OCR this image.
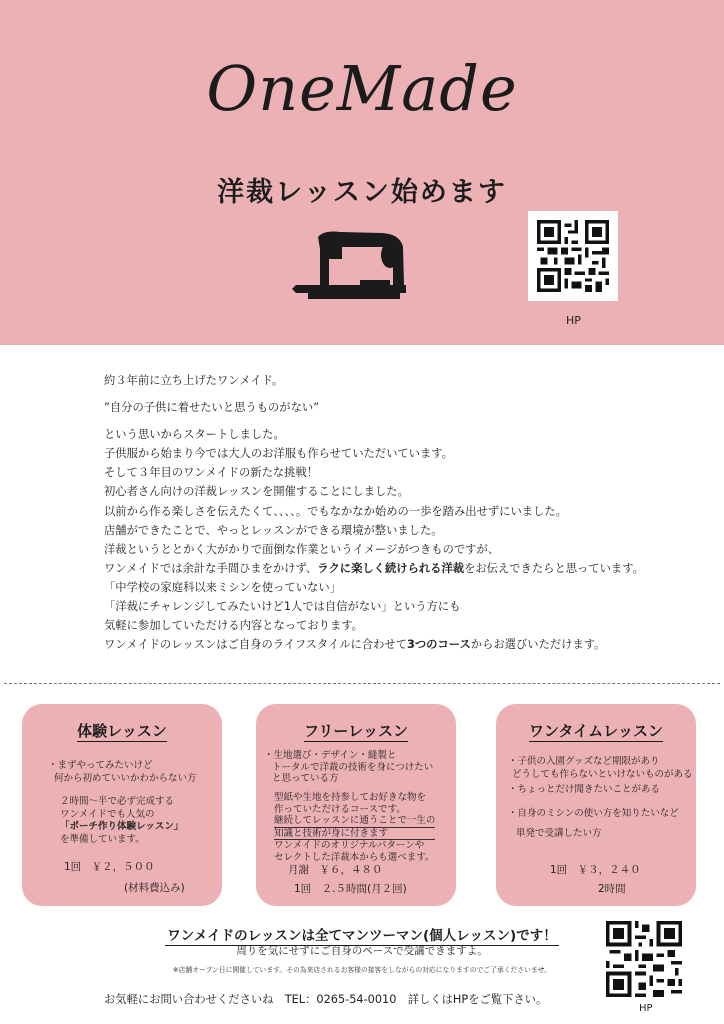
OneMade
洋裁レッスン始めます
HP

約３年前に立ち上げたワンメイド。

”自分の子供に着せたいと思うものがない”

という思いからスタートしました。

子供服から始まり今では大人のお洋服も作らせていただいています。

そして３年目のワンメイドの新たな挑戦！

初心者さん向けの洋裁レッスンを開催することにしました。

以前から作る楽しさを伝えたくて、、、、。でもなかなか始めの一歩を踏み出せずにいました。

店舗ができたことで、やっとレッスンができる環境が整いました。

洋裁というととかく大がかりで面倒な作業というイメージがつきものですが、

ワンメイドでは余計な手間ひまをかけず、ラクに楽しく続けられる洋裁をお伝えできたらと思っています。

「中学校の家庭科以来ミシンを使っていない」

「洋裁にチャレンジしてみたいけど1人では自信がない」という方にも

気軽に参加していただける内容となっております。

ワンメイドのレッスンはご自身のライフスタイルに合わせて3つのコースからお選びいただけます。

体験レッスン

・まずやってみたいけど

何から初めていいかわからない方

２時間～半で必ず完成する

ワンメイドでも人気の

「ポーチ作り体験レッスン」

を準備しています。

1回　￥２，５００
(材料費込み)
フリーレッスン

・生地選び・デザイン・縫製と

トータルで洋裁の技術を身につけたい

と思っている方

型紙や生地を持参してお好きな物を

作っていただけるコースです。

継続してレッスンに通うことで一生の

知識と技術が身に付きます

ワンメイドのオリジナルパターンや

セレクトした洋裁本からも選べます。

月謝　￥６，４８０
1回　２.５時間(月２回)
ワンタイムレッスン

・子供の入園グッズなど期限があり

どうしても作らないといけないものがある

・ちょっとだけ聞きたいことがある

・自身のミシンの使い方を知りたいなど

単発で受講したい方

1回　￥３，２４０
2時間
ワンメイドのレッスンは全てマンツーマン(個人レッスン)です！
周りを気にせずにご自身のペースで受講できますよ。
※店舗オープン日に開催しています。その為来店されるお客様の接客をしながらの対応になりますのでご了承くださいませ。
お気軽にお問い合わせくださいね　TEL：0265-54-0010　詳しくはHPをご覧下さい。
HP
